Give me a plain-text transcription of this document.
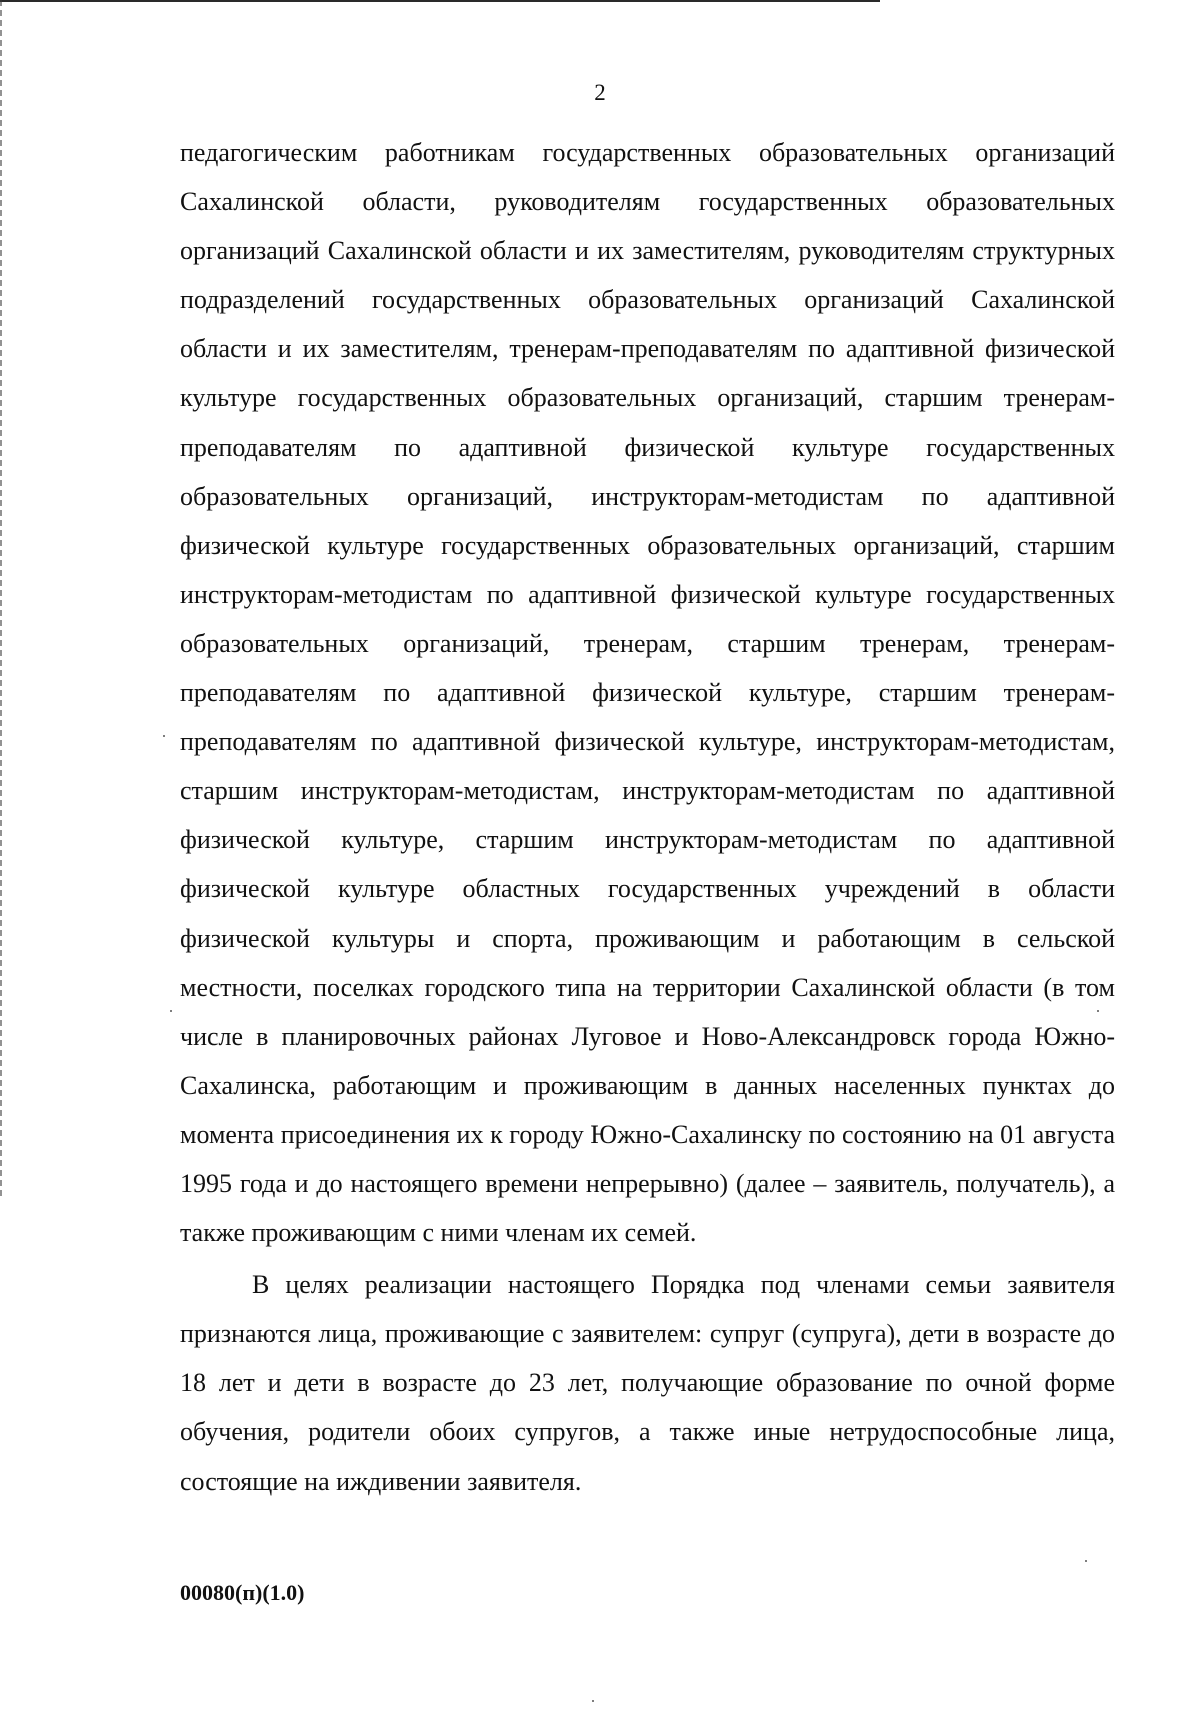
2

педагогическим работникам государственных образовательных организаций Сахалинской области, руководителям государственных образовательных организаций Сахалинской области и их заместителям, руководителям структурных подразделений государственных образовательных организаций Сахалинской области и их заместителям, тренерам-преподавателям по адаптивной физической культуре государственных образовательных организаций, старшим тренерам-преподавателям по адаптивной физической культуре государственных образовательных организаций, инструкторам-методистам по адаптивной физической культуре государственных образовательных организаций, старшим инструкторам-методистам по адаптивной физической культуре государственных образовательных организаций, тренерам, старшим тренерам, тренерам-преподавателям по адаптивной физической культуре, старшим тренерам-преподавателям по адаптивной физической культуре, инструкторам-методистам, старшим инструкторам-методистам, инструкторам-методистам по адаптивной физической культуре, старшим инструкторам-методистам по адаптивной физической культуре областных государственных учреждений в области физической культуры и спорта, проживающим и работающим в сельской местности, поселках городского типа на территории Сахалинской области (в том числе в планировочных районах Луговое и Ново-Александровск города Южно-Сахалинска, работающим и проживающим в данных населенных пунктах до момента присоединения их к городу Южно-Сахалинску по состоянию на 01 августа 1995 года и до настоящего времени непрерывно) (далее – заявитель, получатель), а также проживающим с ними членам их семей.

В целях реализации настоящего Порядка под членами семьи заявителя признаются лица, проживающие с заявителем: супруг (супруга), дети в возрасте до 18 лет и дети в возрасте до 23 лет, получающие образование по очной форме обучения, родители обоих супругов, а также иные нетрудоспособные лица, состоящие на иждивении заявителя.

00080(п)(1.0)
